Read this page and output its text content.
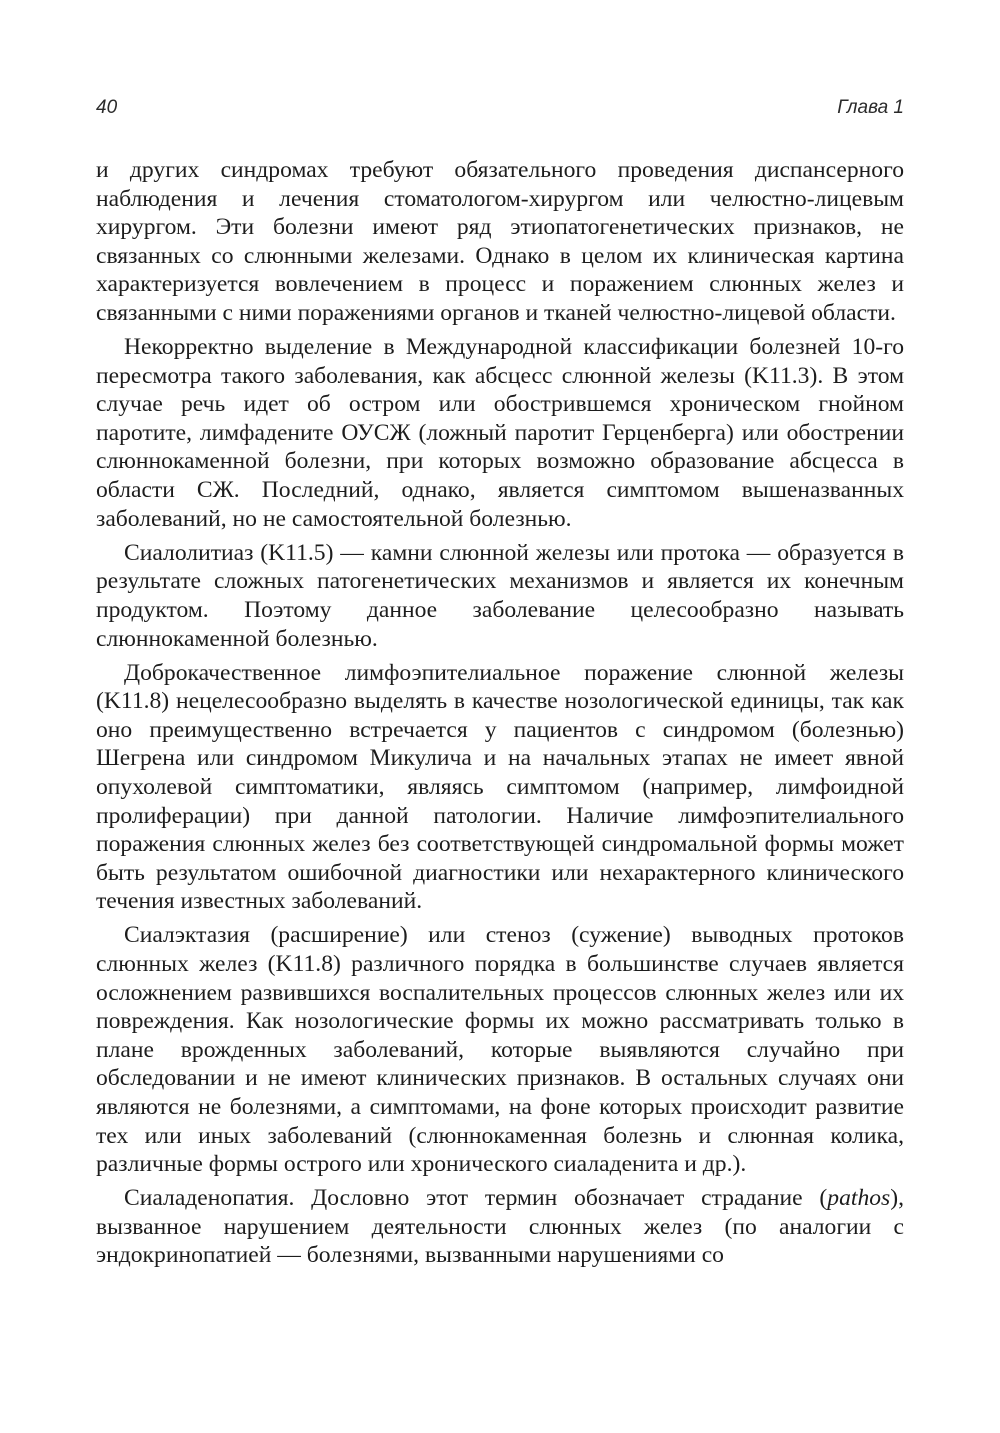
40	Глава 1

и других синдромах требуют обязательного проведения диспансерного наблюдения и лечения стоматологом-хирургом или челюстно-лицевым хирургом. Эти болезни имеют ряд этиопатогенетических признаков, не связанных со слюнными железами. Однако в целом их клиническая картина характеризуется вовлечением в процесс и поражением слюнных желез и связанными с ними поражениями органов и тканей челюстно-лицевой области.

Некорректно выделение в Международной классификации болезней 10-го пересмотра такого заболевания, как абсцесс слюнной железы (K11.3). В этом случае речь идет об остром или обострившемся хроническом гнойном паротите, лимфадените ОУСЖ (ложный паротит Герценберга) или обострении слюннокаменной болезни, при которых возможно образование абсцесса в области СЖ. Последний, однако, является симптомом вышеназванных заболеваний, но не самостоятельной болезнью.

Сиалолитиаз (K11.5) — камни слюнной железы или протока — образуется в результате сложных патогенетических механизмов и является их конечным продуктом. Поэтому данное заболевание целесообразно называть слюннокаменной болезнью.

Доброкачественное лимфоэпителиальное поражение слюнной железы (K11.8) нецелесообразно выделять в качестве нозологической единицы, так как оно преимущественно встречается у пациентов с синдромом (болезнью) Шегрена или синдромом Микулича и на начальных этапах не имеет явной опухолевой симптоматики, являясь симптомом (например, лимфоидной пролиферации) при данной патологии. Наличие лимфоэпителиального поражения слюнных желез без соответствующей синдромальной формы может быть результатом ошибочной диагностики или нехарактерного клинического течения известных заболеваний.

Сиалэктазия (расширение) или стеноз (сужение) выводных протоков слюнных желез (K11.8) различного порядка в большинстве случаев является осложнением развившихся воспалительных процессов слюнных желез или их повреждения. Как нозологические формы их можно рассматривать только в плане врожденных заболеваний, которые выявляются случайно при обследовании и не имеют клинических признаков. В остальных случаях они являются не болезнями, а симптомами, на фоне которых происходит развитие тех или иных заболеваний (слюннокаменная болезнь и слюнная колика, различные формы острого или хронического сиаладенита и др.).

Сиаладенопатия. Дословно этот термин обозначает страдание (pathos), вызванное нарушением деятельности слюнных желез (по аналогии с эндокринопатией — болезнями, вызванными нарушениями со
